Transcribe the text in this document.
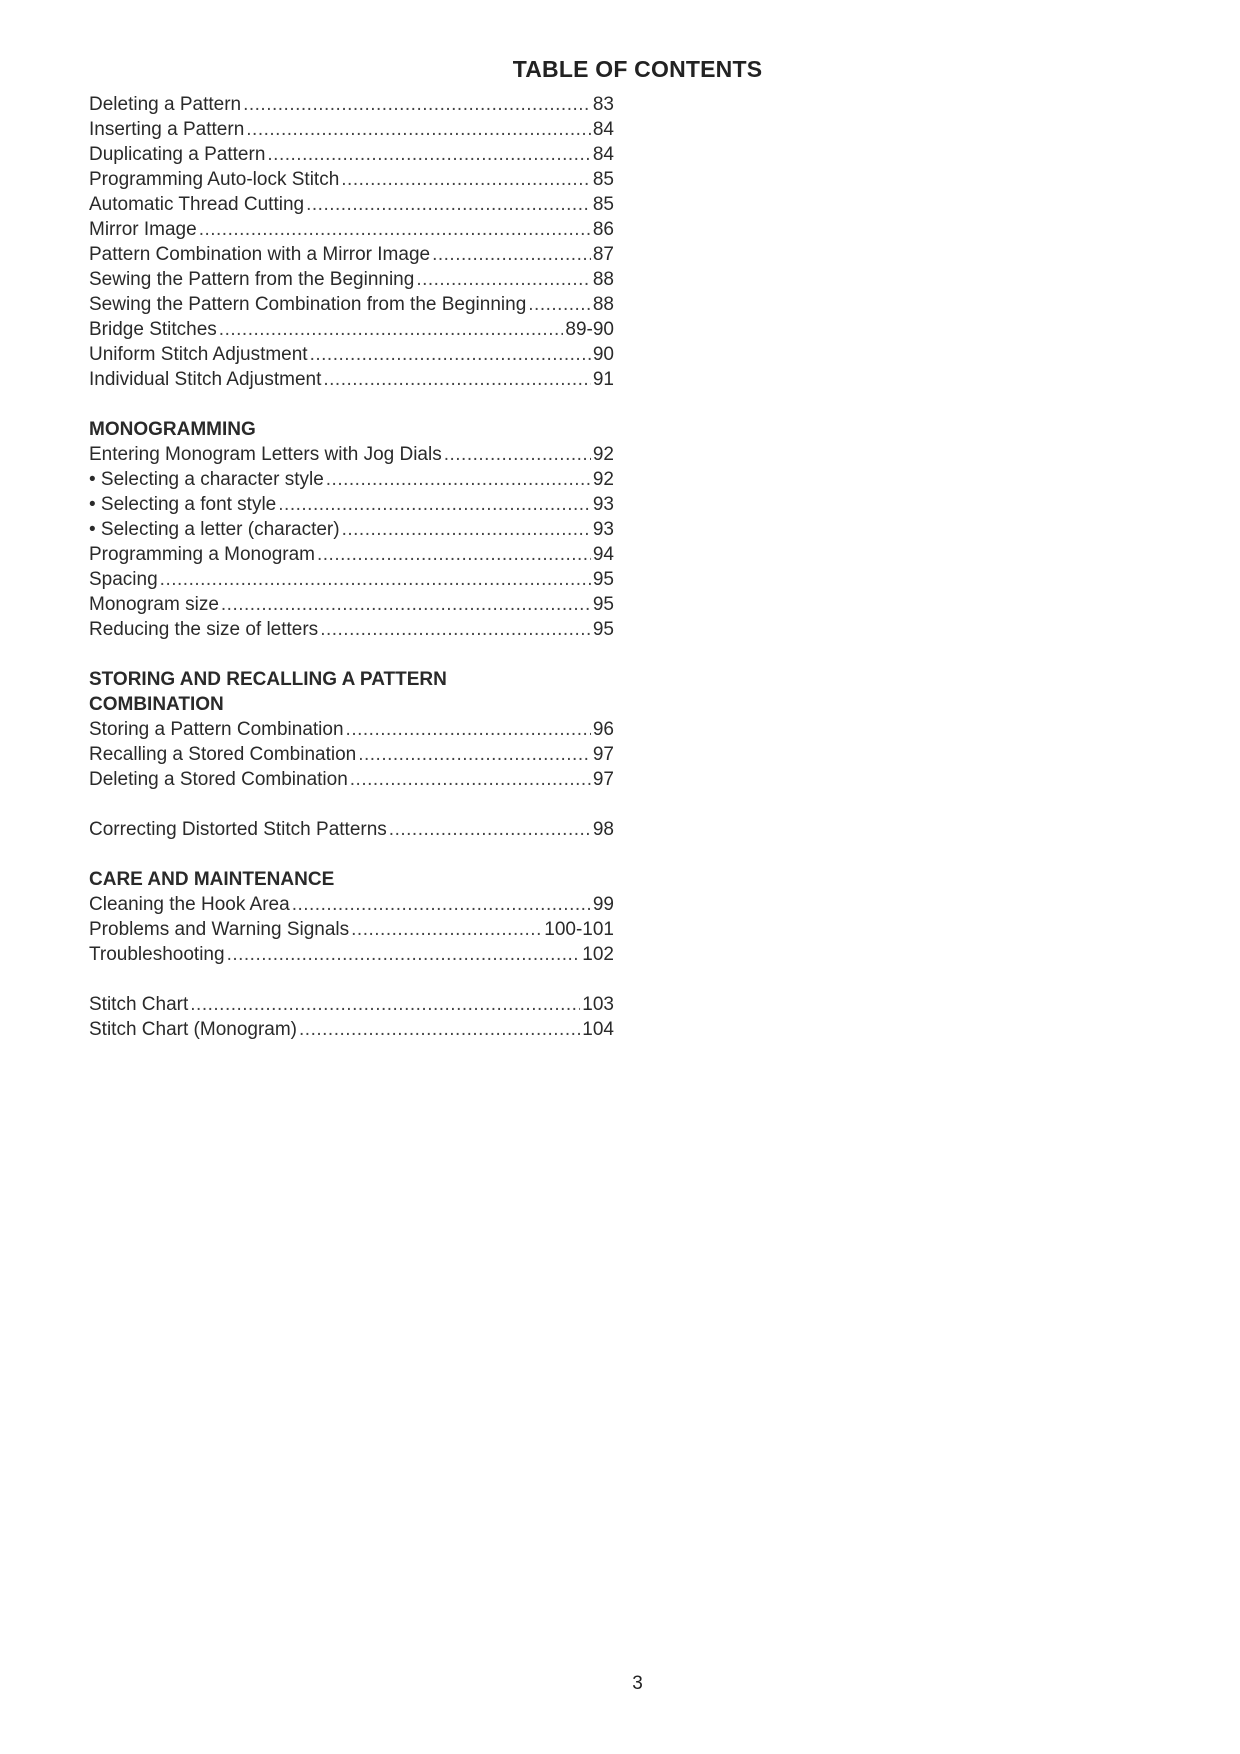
TABLE OF CONTENTS
Deleting a Pattern .....	83
Inserting a Pattern .....	84
Duplicating a Pattern .....	84
Programming Auto-lock Stitch .....	85
Automatic Thread Cutting .....	85
Mirror Image .....	86
Pattern Combination with a Mirror Image .....	87
Sewing the Pattern from the Beginning .....	88
Sewing the Pattern Combination from the Beginning .....	88
Bridge Stitches .....	89-90
Uniform Stitch Adjustment .....	90
Individual Stitch Adjustment .....	91
MONOGRAMMING
Entering Monogram Letters with Jog Dials .....	92
• Selecting a character style .....	92
• Selecting a font style .....	93
• Selecting a letter (character) .....	93
Programming a Monogram .....	94
Spacing .....	95
Monogram size .....	95
Reducing the size of letters .....	95
STORING AND RECALLING A PATTERN
COMBINATION
Storing a Pattern Combination .....	96
Recalling a Stored Combination .....	97
Deleting a Stored Combination .....	97
Correcting Distorted Stitch Patterns .....	98
CARE AND MAINTENANCE
Cleaning the Hook Area .....	99
Problems and Warning Signals .....	100-101
Troubleshooting .....	102
Stitch Chart .....	103
Stitch Chart (Monogram) .....	104
3
